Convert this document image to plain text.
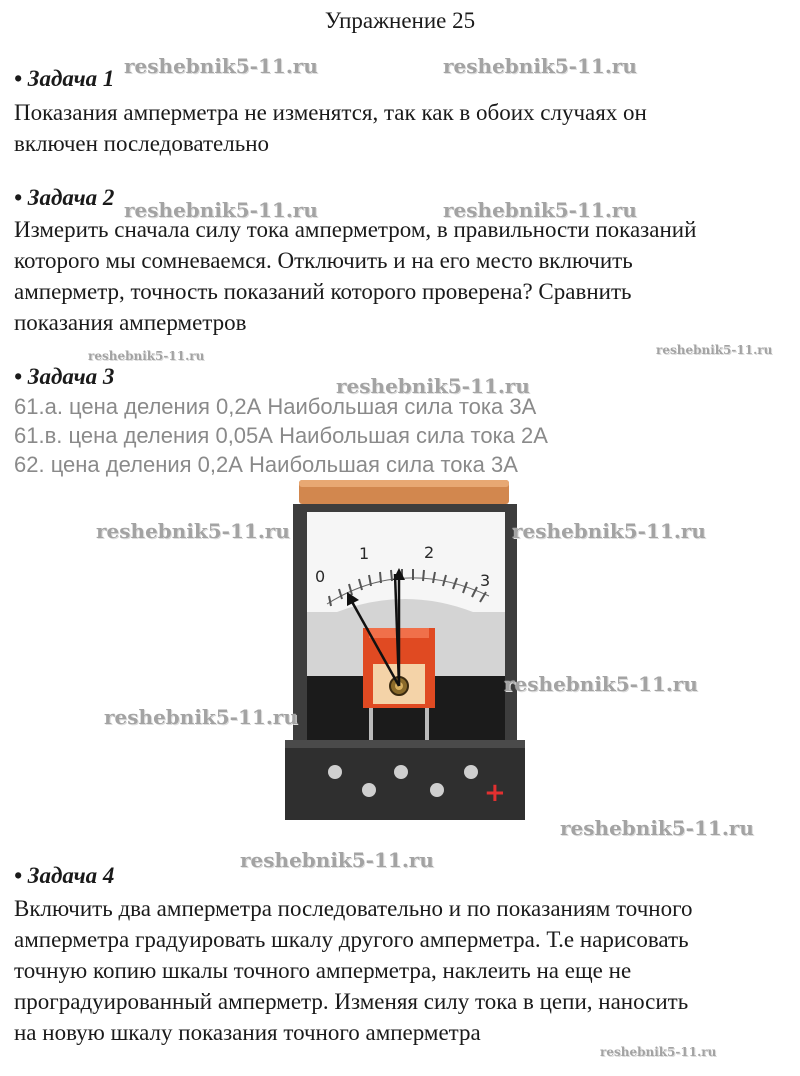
Упражнение 25
• Задача 1

Показания амперметра не изменятся, так как в обоих случаях он

включен последовательно

• Задача 2

Измерить сначала силу тока амперметром, в правильности показаний

которого мы сомневаемся. Отключить и на его место включить

амперметр, точность показаний которого проверена? Сравнить

показания амперметров

• Задача 3
61.а. цена деления 0,2А Наибольшая сила тока 3А
61.в. цена деления 0,05А Наибольшая сила тока 2А
62. цена деления 0,2А Наибольшая сила тока 3А
0
1	2
3
+
• Задача 4

Включить два амперметра последовательно и по показаниям точного

амперметра градуировать шкалу другого амперметра. Т.е нарисовать

точную копию шкалы точного амперметра, наклеить на еще не

проградуированный амперметр. Изменяя силу тока в цепи, наносить

на новую шкалу показания точного амперметра

reshebnik5-11.ru	reshebnik5-11.ru
reshebnik5-11.ru	reshebnik5-11.ru
reshebnik5-11.ru	reshebnik5-11.ru
reshebnik5-11.ru
reshebnik5-11.ru	reshebnik5-11.ru
reshebnik5-11.ru
reshebnik5-11.ru
reshebnik5-11.ru
reshebnik5-11.ru
reshebnik5-11.ru
